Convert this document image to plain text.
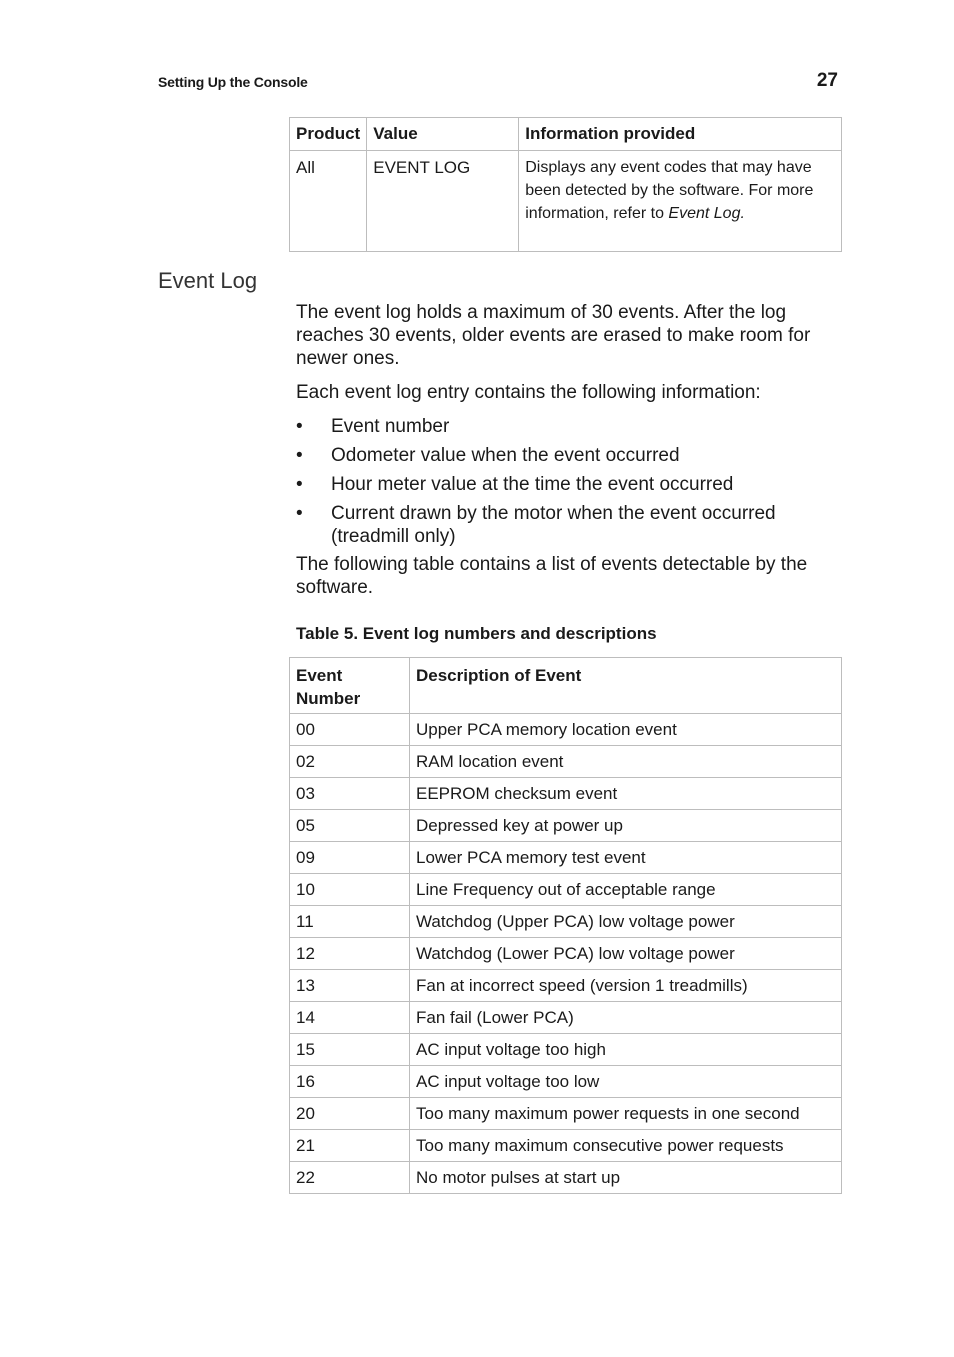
Setting Up the Console	27
Product	Value	Information provided
All	EVENT LOG	Displays any event codes that may have been detected by the software. For more information, refer to Event Log.
Event Log

The event log holds a maximum of 30 events. After the log reaches 30 events, older events are erased to make room for newer ones.

Each event log entry contains the following information:

• Event number
• Odometer value when the event occurred
• Hour meter value at the time the event occurred
• Current drawn by the motor when the event occurred (treadmill only)

The following table contains a list of events detectable by the software.

Table 5. Event log numbers and descriptions
Event Number	Description of Event
00	Upper PCA memory location event
02	RAM location event
03	EEPROM checksum event
05	Depressed key at power up
09	Lower PCA memory test event
10	Line Frequency out of acceptable range
11	Watchdog (Upper PCA) low voltage power
12	Watchdog (Lower PCA) low voltage power
13	Fan at incorrect speed (version 1 treadmills)
14	Fan fail (Lower PCA)
15	AC input voltage too high
16	AC input voltage too low
20	Too many maximum power requests in one second
21	Too many maximum consecutive power requests
22	No motor pulses at start up
